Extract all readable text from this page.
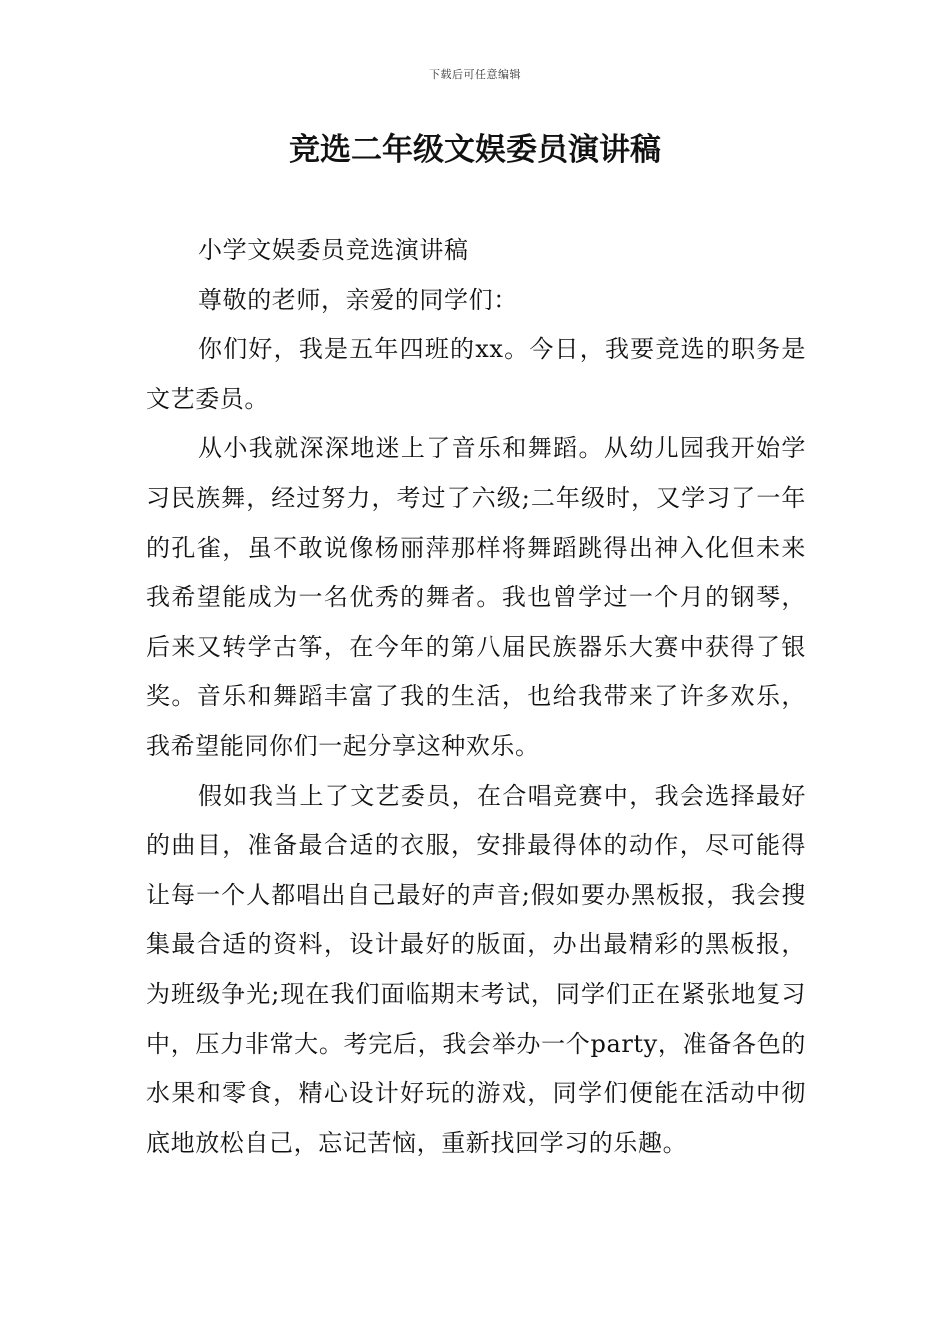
下载后可任意编辑
竞选二年级文娱委员演讲稿

小学文娱委员竞选演讲稿

尊敬的老师，亲爱的同学们：

你们好，我是五年四班的xx。今日，我要竞选的职务是文艺委员。

从小我就深深地迷上了音乐和舞蹈。从幼儿园我开始学习民族舞，经过努力，考过了六级;二年级时，又学习了一年的孔雀，虽不敢说像杨丽萍那样将舞蹈跳得出神入化但未来我希望能成为一名优秀的舞者。我也曾学过一个月的钢琴，后来又转学古筝，在今年的第八届民族器乐大赛中获得了银奖。音乐和舞蹈丰富了我的生活，也给我带来了许多欢乐，我希望能同你们一起分享这种欢乐。

假如我当上了文艺委员，在合唱竞赛中，我会选择最好的曲目，准备最合适的衣服，安排最得体的动作，尽可能得让每一个人都唱出自己最好的声音;假如要办黑板报，我会搜集最合适的资料，设计最好的版面，办出最精彩的黑板报，为班级争光;现在我们面临期末考试，同学们正在紧张地复习中，压力非常大。考完后，我会举办一个party，准备各色的水果和零食，精心设计好玩的游戏，同学们便能在活动中彻底地放松自己，忘记苦恼，重新找回学习的乐趣。
